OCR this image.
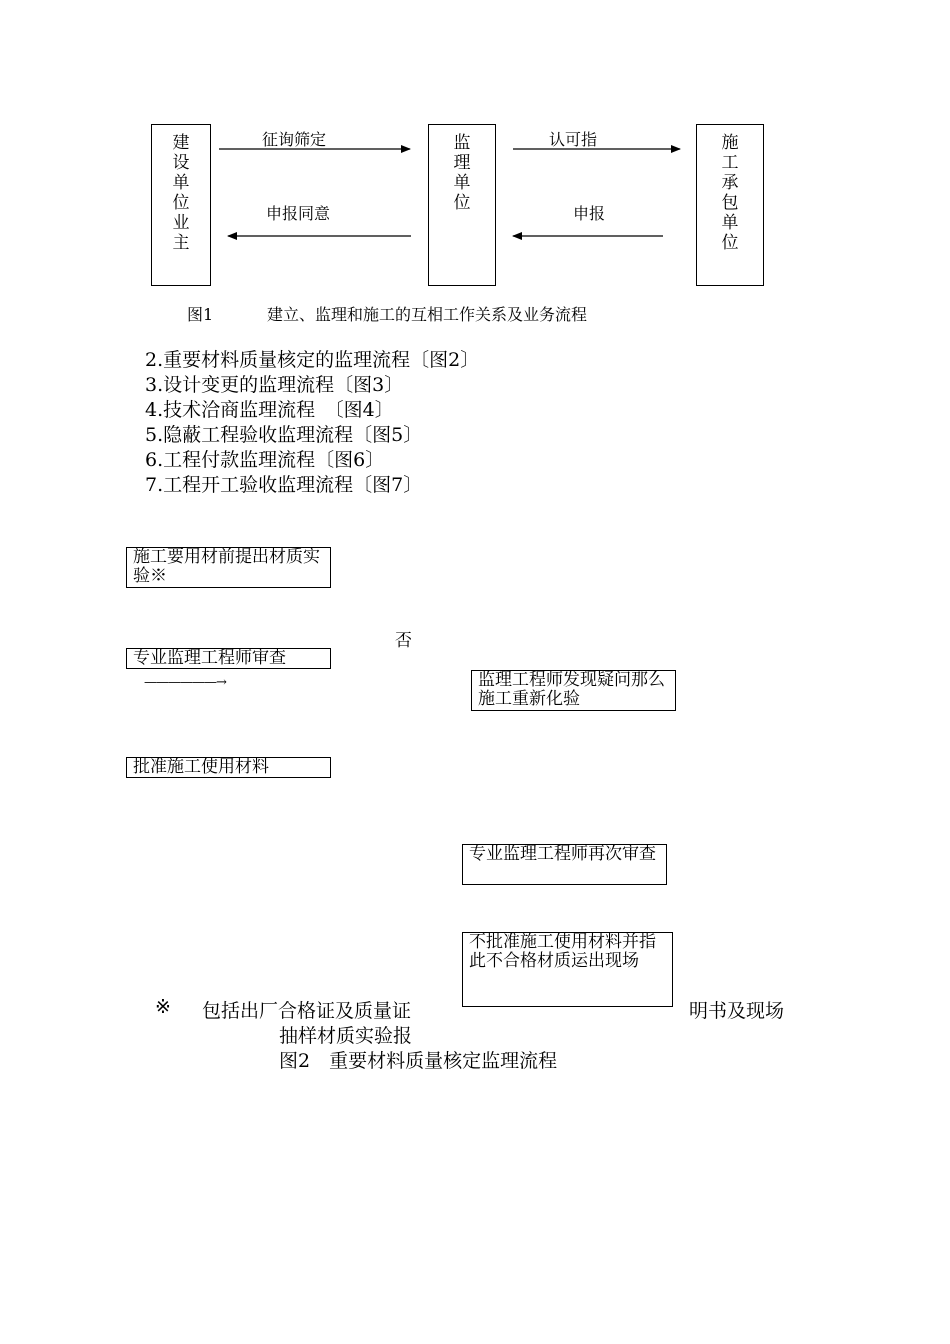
建
设
单
位
业
主
监
理
单
位
施
工
承
包
单
位
征询筛定	认可指
申报同意	申报
图1	建立、监理和施工的互相工作关系及业务流程
2.重要材料质量核定的监理流程〔图2〕
3.设计变更的监理流程〔图3〕
4.技术洽商监理流程　〔图4〕
5.隐蔽工程验收监理流程〔图5〕
6.工程付款监理流程〔图6〕
7.工程开工验收监理流程〔图7〕
施工要用材前提出材质实验※
否
专业监理工程师审查
——————→	监理工程师发现疑问那么施工重新化验
批准施工使用材料
专业监理工程师再次审查
不批准施工使用材料并指此不合格材质运出现场
※ 包括出厂合格证及质量证	明书及现场
抽样材质实验报
图2　重要材料质量核定监理流程
